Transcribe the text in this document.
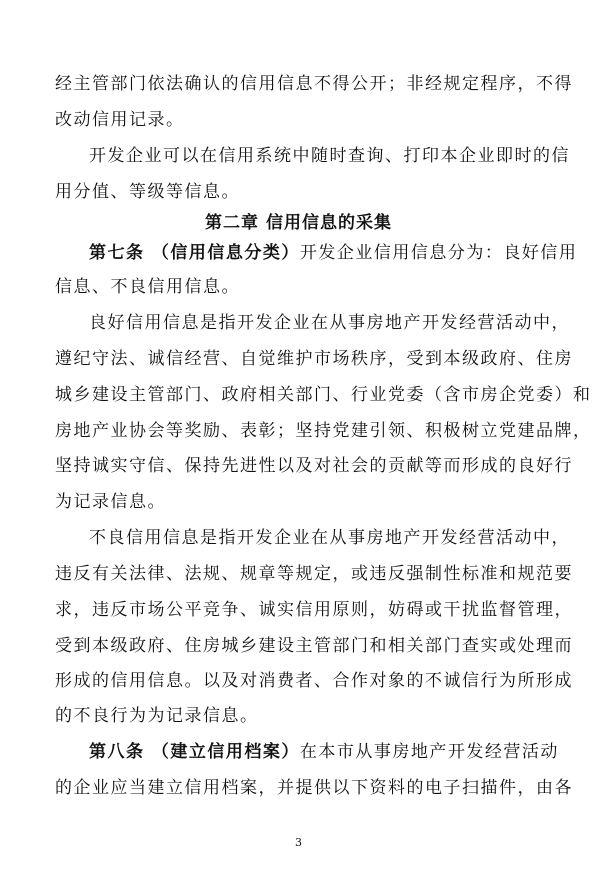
经主管部门依法确认的信用信息不得公开；非经规定程序，不得
改动信用记录。
开发企业可以在信用系统中随时查询、打印本企业即时的信
用分值、等级等信息。
第二章 信用信息的采集
第七条 （信用信息分类）开发企业信用信息分为：良好信用
信息、不良信用信息。
良好信用信息是指开发企业在从事房地产开发经营活动中，
遵纪守法、诚信经营、自觉维护市场秩序，受到本级政府、住房
城乡建设主管部门、政府相关部门、行业党委（含市房企党委）和
房地产业协会等奖励、表彰；坚持党建引领、积极树立党建品牌，
坚持诚实守信、保持先进性以及对社会的贡献等而形成的良好行
为记录信息。
不良信用信息是指开发企业在从事房地产开发经营活动中，
违反有关法律、法规、规章等规定，或违反强制性标准和规范要
求，违反市场公平竞争、诚实信用原则，妨碍或干扰监督管理，
受到本级政府、住房城乡建设主管部门和相关部门查实或处理而
形成的信用信息。以及对消费者、合作对象的不诚信行为所形成
的不良行为为记录信息。
第八条 （建立信用档案）在本市从事房地产开发经营活动
的企业应当建立信用档案，并提供以下资料的电子扫描件，由各
3
